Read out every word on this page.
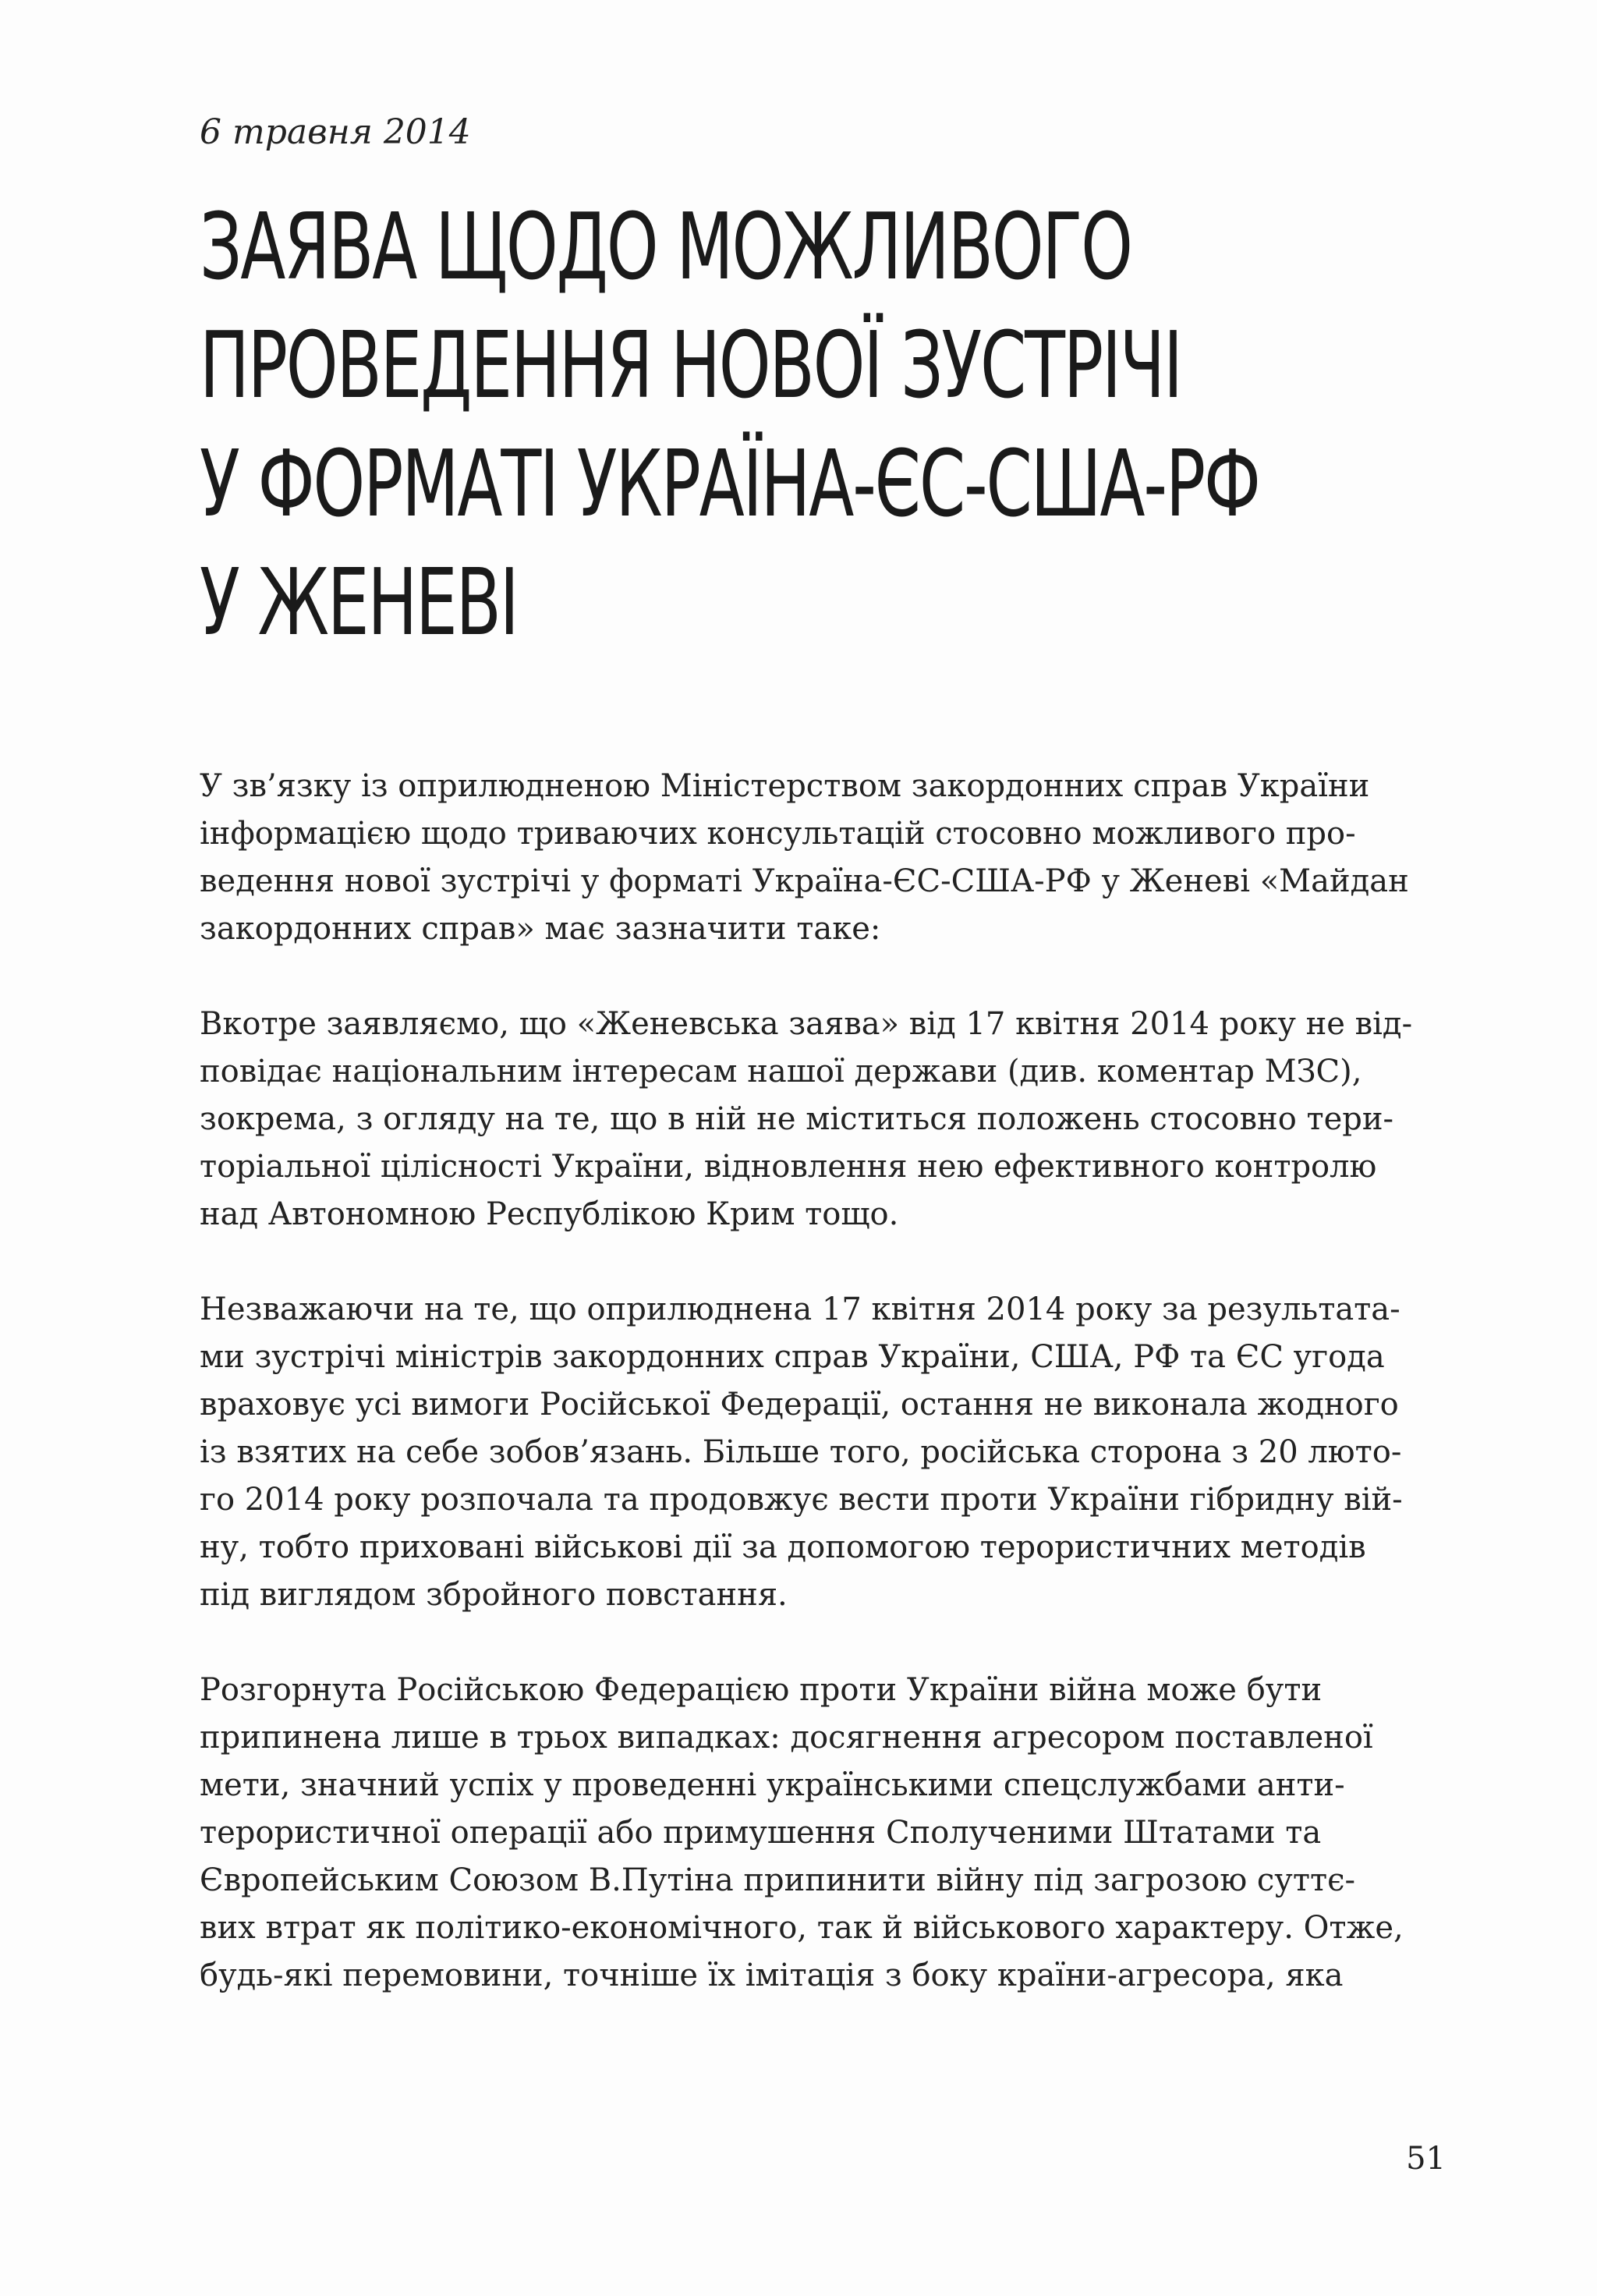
6 травня 2014

ЗАЯВА ЩОДО МОЖЛИВОГО
ПРОВЕДЕННЯ НОВОЇ ЗУСТРІЧІ
У ФОРМАТІ УКРАЇНА-ЄС-США-РФ
У ЖЕНЕВІ

У зв’язку із оприлюдненою Міністерством закордонних справ України
інформацією щодо триваючих консультацій стосовно можливого про-
ведення нової зустрічі у форматі Україна-ЄС-США-РФ у Женеві «Майдан
закордонних справ» має зазначити таке:

Вкотре заявляємо, що «Женевська заява» від 17 квітня 2014 року не від-
повідає національним інтересам нашої держави (див. коментар МЗС),
зокрема, з огляду на те, що в ній не міститься положень стосовно тери-
торіальної цілісності України, відновлення нею ефективного контролю
над Автономною Республікою Крим тощо.

Незважаючи на те, що оприлюднена 17 квітня 2014 року за результата-
ми зустрічі міністрів закордонних справ України, США, РФ та ЄС угода
враховує усі вимоги Російської Федерації, остання не виконала жодного
із взятих на себе зобов’язань. Більше того, російська сторона з 20 люто-
го 2014 року розпочала та продовжує вести проти України гібридну вій-
ну, тобто приховані військові дії за допомогою терористичних методів
під виглядом збройного повстання.

Розгорнута Російською Федерацією проти України війна може бути
припинена лише в трьох випадках: досягнення агресором поставленої
мети, значний успіх у проведенні українськими спецслужбами анти-
терористичної операції або примушення Сполученими Штатами та
Європейським Союзом В.Путіна припинити війну під загрозою суттє-
вих втрат як політико-економічного, так й військового характеру. Отже,
будь-які перемовини, точніше їх імітація з боку країни-агресора, яка

51
